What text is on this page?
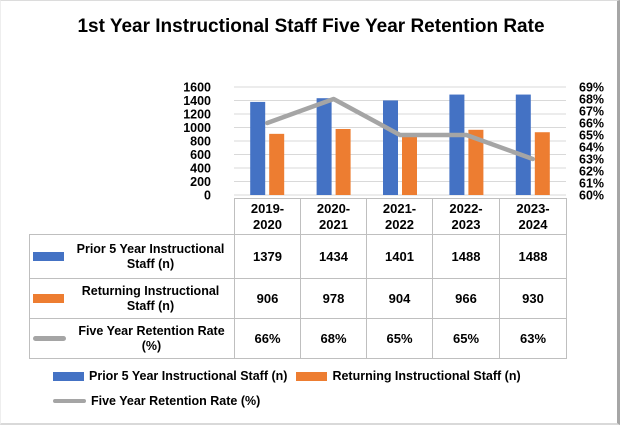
1st Year Instructional Staff Five Year Retention Rate
0
200
400
600
800
1000
1200
1400
1600
60%
61%
62%
63%
64%
65%
66%
67%
68%
69%
	2019-2020	2020-2021	2021-2022	2022-2023	2023-2024

Prior 5 Year Instructional Staff (n)	1379	1434	1401	1488	1488

Returning Instructional Staff (n)	906	978	904	966	930

Five Year Retention Rate (%)	66%	68%	65%	65%	63%
Prior 5 Year Instructional Staff (n)	Returning Instructional Staff (n)
Five Year Retention Rate (%)
